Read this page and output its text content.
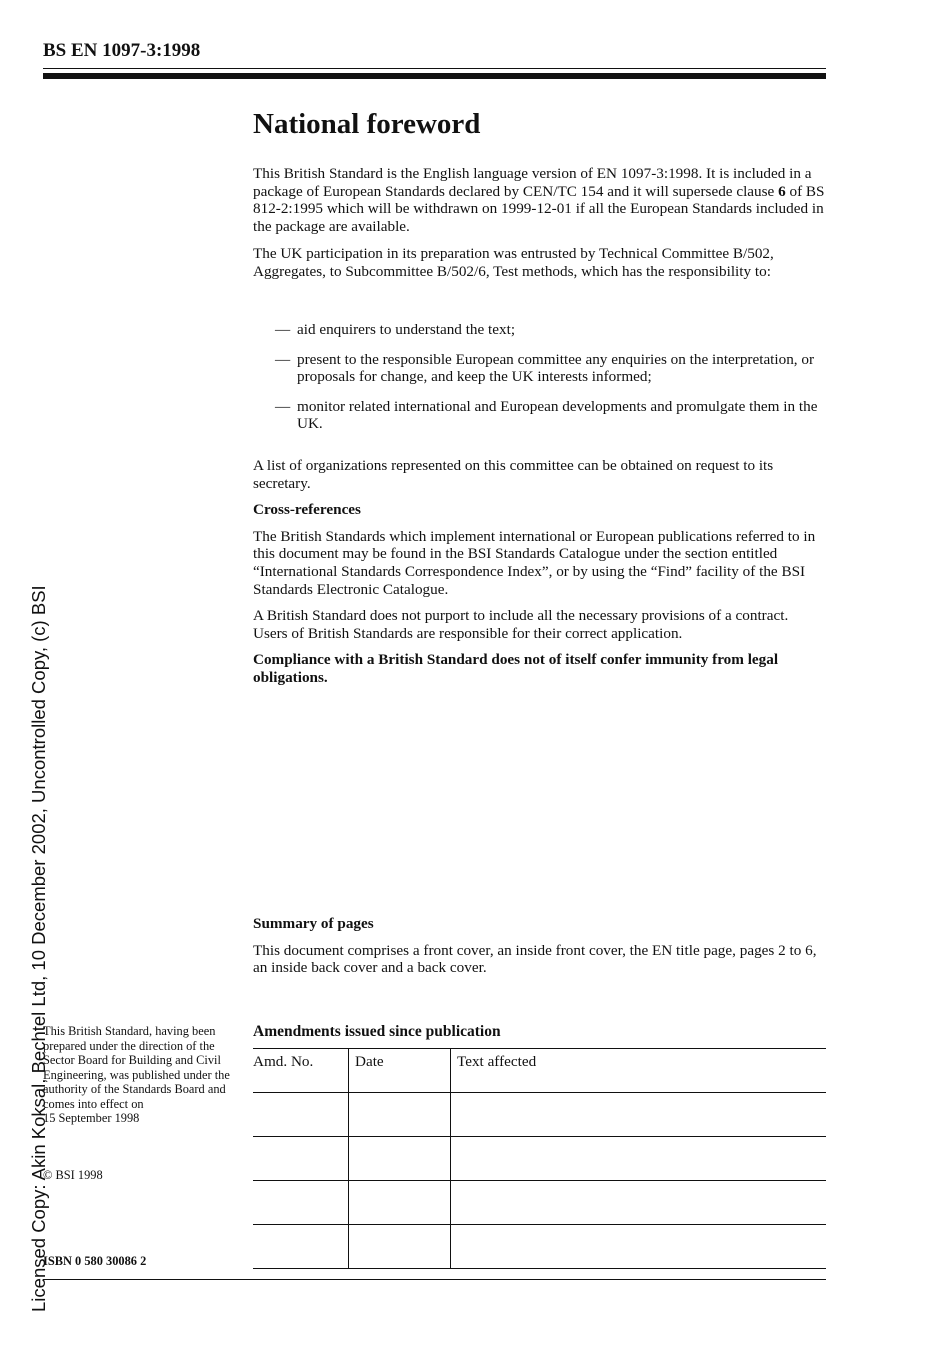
BS EN 1097-3:1998
National foreword

This British Standard is the English language version of EN 1097-3:1998. It is included in a package of European Standards declared by CEN/TC 154 and it will supersede clause 6 of BS 812-2:1995 which will be withdrawn on 1999-12-01 if all the European Standards included in the package are available.

The UK participation in its preparation was entrusted by Technical Committee B/502, Aggregates, to Subcommittee B/502/6, Test methods, which has the responsibility to:

— aid enquirers to understand the text;
— present to the responsible European committee any enquiries on the interpretation, or proposals for change, and keep the UK interests informed;
— monitor related international and European developments and promulgate them in the UK.

A list of organizations represented on this committee can be obtained on request to its secretary.

Cross-references

The British Standards which implement international or European publications referred to in this document may be found in the BSI Standards Catalogue under the section entitled “International Standards Correspondence Index”, or by using the “Find” facility of the BSI Standards Electronic Catalogue.

A British Standard does not purport to include all the necessary provisions of a contract. Users of British Standards are responsible for their correct application.

Compliance with a British Standard does not of itself confer immunity from legal obligations.

Summary of pages

This document comprises a front cover, an inside front cover, the EN title page, pages 2 to 6, an inside back cover and a back cover.

Amendments issued since publication
Amd. No.	Date	Text affected

This British Standard, having been prepared under the direction of the Sector Board for Building and Civil Engineering, was published under the authority of the Standards Board and comes into effect on

15 September 1998

© BSI 1998
ISBN 0 580 30086 2
Licensed Copy: Akin Koksal, Bechtel Ltd, 10 December 2002, Uncontrolled Copy, (c) BSI
